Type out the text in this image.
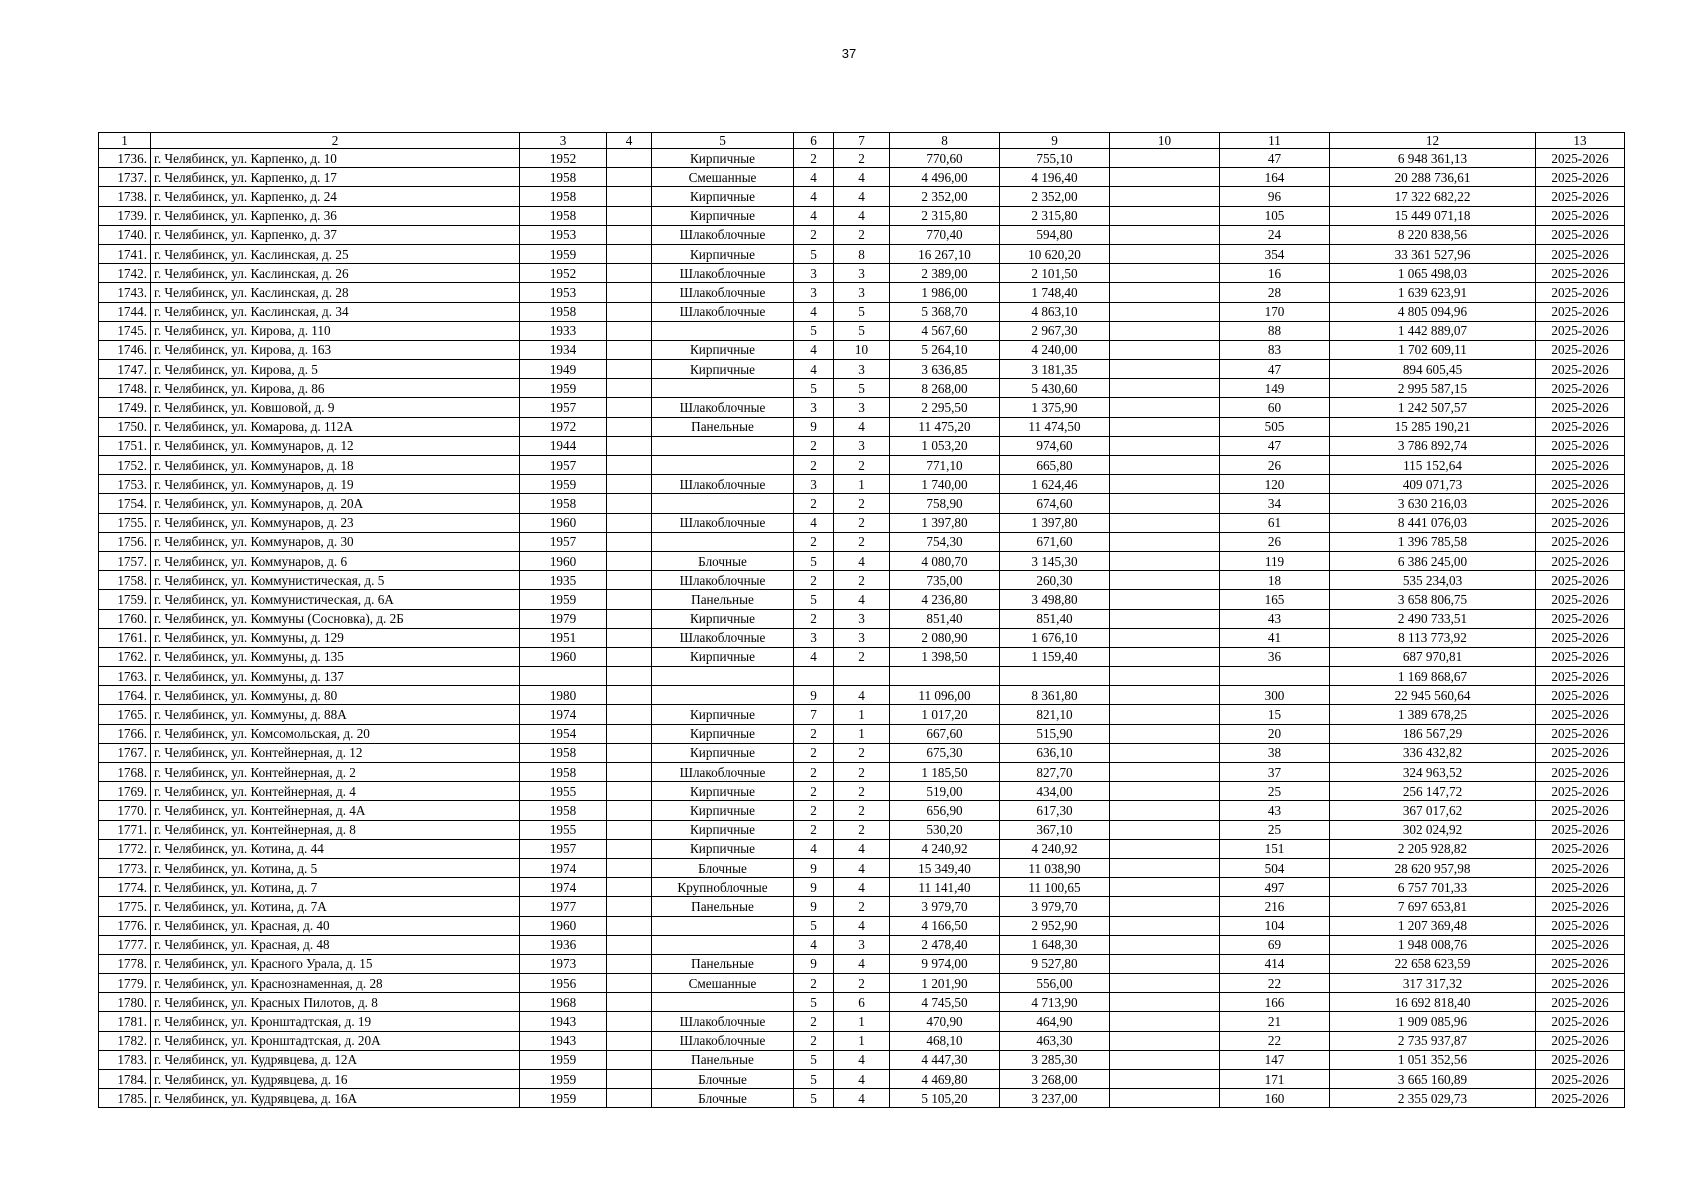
37
1	2	3	4	5	6	7	8	9	10	11	12	13
1736.	г. Челябинск, ул. Карпенко, д. 10	1952		Кирпичные	2	2	770,60	755,10		47	6 948 361,13	2025-2026
1737.	г. Челябинск, ул. Карпенко, д. 17	1958		Смешанные	4	4	4 496,00	4 196,40		164	20 288 736,61	2025-2026
1738.	г. Челябинск, ул. Карпенко, д. 24	1958		Кирпичные	4	4	2 352,00	2 352,00		96	17 322 682,22	2025-2026
1739.	г. Челябинск, ул. Карпенко, д. 36	1958		Кирпичные	4	4	2 315,80	2 315,80		105	15 449 071,18	2025-2026
1740.	г. Челябинск, ул. Карпенко, д. 37	1953		Шлакоблочные	2	2	770,40	594,80		24	8 220 838,56	2025-2026
1741.	г. Челябинск, ул. Каслинская, д. 25	1959		Кирпичные	5	8	16 267,10	10 620,20		354	33 361 527,96	2025-2026
1742.	г. Челябинск, ул. Каслинская, д. 26	1952		Шлакоблочные	3	3	2 389,00	2 101,50		16	1 065 498,03	2025-2026
1743.	г. Челябинск, ул. Каслинская, д. 28	1953		Шлакоблочные	3	3	1 986,00	1 748,40		28	1 639 623,91	2025-2026
1744.	г. Челябинск, ул. Каслинская, д. 34	1958		Шлакоблочные	4	5	5 368,70	4 863,10		170	4 805 094,96	2025-2026
1745.	г. Челябинск, ул. Кирова, д. 110	1933			5	5	4 567,60	2 967,30		88	1 442 889,07	2025-2026
1746.	г. Челябинск, ул. Кирова, д. 163	1934		Кирпичные	4	10	5 264,10	4 240,00		83	1 702 609,11	2025-2026
1747.	г. Челябинск, ул. Кирова, д. 5	1949		Кирпичные	4	3	3 636,85	3 181,35		47	894 605,45	2025-2026
1748.	г. Челябинск, ул. Кирова, д. 86	1959			5	5	8 268,00	5 430,60		149	2 995 587,15	2025-2026
1749.	г. Челябинск, ул. Ковшовой, д. 9	1957		Шлакоблочные	3	3	2 295,50	1 375,90		60	1 242 507,57	2025-2026
1750.	г. Челябинск, ул. Комарова, д. 112А	1972		Панельные	9	4	11 475,20	11 474,50		505	15 285 190,21	2025-2026
1751.	г. Челябинск, ул. Коммунаров, д. 12	1944			2	3	1 053,20	974,60		47	3 786 892,74	2025-2026
1752.	г. Челябинск, ул. Коммунаров, д. 18	1957			2	2	771,10	665,80		26	115 152,64	2025-2026
1753.	г. Челябинск, ул. Коммунаров, д. 19	1959		Шлакоблочные	3	1	1 740,00	1 624,46		120	409 071,73	2025-2026
1754.	г. Челябинск, ул. Коммунаров, д. 20А	1958			2	2	758,90	674,60		34	3 630 216,03	2025-2026
1755.	г. Челябинск, ул. Коммунаров, д. 23	1960		Шлакоблочные	4	2	1 397,80	1 397,80		61	8 441 076,03	2025-2026
1756.	г. Челябинск, ул. Коммунаров, д. 30	1957			2	2	754,30	671,60		26	1 396 785,58	2025-2026
1757.	г. Челябинск, ул. Коммунаров, д. 6	1960		Блочные	5	4	4 080,70	3 145,30		119	6 386 245,00	2025-2026
1758.	г. Челябинск, ул. Коммунистическая, д. 5	1935		Шлакоблочные	2	2	735,00	260,30		18	535 234,03	2025-2026
1759.	г. Челябинск, ул. Коммунистическая, д. 6А	1959		Панельные	5	4	4 236,80	3 498,80		165	3 658 806,75	2025-2026
1760.	г. Челябинск, ул. Коммуны (Сосновка), д. 2Б	1979		Кирпичные	2	3	851,40	851,40		43	2 490 733,51	2025-2026
1761.	г. Челябинск, ул. Коммуны, д. 129	1951		Шлакоблочные	3	3	2 080,90	1 676,10		41	8 113 773,92	2025-2026
1762.	г. Челябинск, ул. Коммуны, д. 135	1960		Кирпичные	4	2	1 398,50	1 159,40		36	687 970,81	2025-2026
1763.	г. Челябинск, ул. Коммуны, д. 137										1 169 868,67	2025-2026
1764.	г. Челябинск, ул. Коммуны, д. 80	1980			9	4	11 096,00	8 361,80		300	22 945 560,64	2025-2026
1765.	г. Челябинск, ул. Коммуны, д. 88А	1974		Кирпичные	7	1	1 017,20	821,10		15	1 389 678,25	2025-2026
1766.	г. Челябинск, ул. Комсомольская, д. 20	1954		Кирпичные	2	1	667,60	515,90		20	186 567,29	2025-2026
1767.	г. Челябинск, ул. Контейнерная, д. 12	1958		Кирпичные	2	2	675,30	636,10		38	336 432,82	2025-2026
1768.	г. Челябинск, ул. Контейнерная, д. 2	1958		Шлакоблочные	2	2	1 185,50	827,70		37	324 963,52	2025-2026
1769.	г. Челябинск, ул. Контейнерная, д. 4	1955		Кирпичные	2	2	519,00	434,00		25	256 147,72	2025-2026
1770.	г. Челябинск, ул. Контейнерная, д. 4А	1958		Кирпичные	2	2	656,90	617,30		43	367 017,62	2025-2026
1771.	г. Челябинск, ул. Контейнерная, д. 8	1955		Кирпичные	2	2	530,20	367,10		25	302 024,92	2025-2026
1772.	г. Челябинск, ул. Котина, д. 44	1957		Кирпичные	4	4	4 240,92	4 240,92		151	2 205 928,82	2025-2026
1773.	г. Челябинск, ул. Котина, д. 5	1974		Блочные	9	4	15 349,40	11 038,90		504	28 620 957,98	2025-2026
1774.	г. Челябинск, ул. Котина, д. 7	1974		Крупноблочные	9	4	11 141,40	11 100,65		497	6 757 701,33	2025-2026
1775.	г. Челябинск, ул. Котина, д. 7А	1977		Панельные	9	2	3 979,70	3 979,70		216	7 697 653,81	2025-2026
1776.	г. Челябинск, ул. Красная, д. 40	1960			5	4	4 166,50	2 952,90		104	1 207 369,48	2025-2026
1777.	г. Челябинск, ул. Красная, д. 48	1936			4	3	2 478,40	1 648,30		69	1 948 008,76	2025-2026
1778.	г. Челябинск, ул. Красного Урала, д. 15	1973		Панельные	9	4	9 974,00	9 527,80		414	22 658 623,59	2025-2026
1779.	г. Челябинск, ул. Краснознаменная, д. 28	1956		Смешанные	2	2	1 201,90	556,00		22	317 317,32	2025-2026
1780.	г. Челябинск, ул. Красных Пилотов, д. 8	1968			5	6	4 745,50	4 713,90		166	16 692 818,40	2025-2026
1781.	г. Челябинск, ул. Кронштадтская, д. 19	1943		Шлакоблочные	2	1	470,90	464,90		21	1 909 085,96	2025-2026
1782.	г. Челябинск, ул. Кронштадтская, д. 20А	1943		Шлакоблочные	2	1	468,10	463,30		22	2 735 937,87	2025-2026
1783.	г. Челябинск, ул. Кудрявцева, д. 12А	1959		Панельные	5	4	4 447,30	3 285,30		147	1 051 352,56	2025-2026
1784.	г. Челябинск, ул. Кудрявцева, д. 16	1959		Блочные	5	4	4 469,80	3 268,00		171	3 665 160,89	2025-2026
1785.	г. Челябинск, ул. Кудрявцева, д. 16А	1959		Блочные	5	4	5 105,20	3 237,00		160	2 355 029,73	2025-2026
